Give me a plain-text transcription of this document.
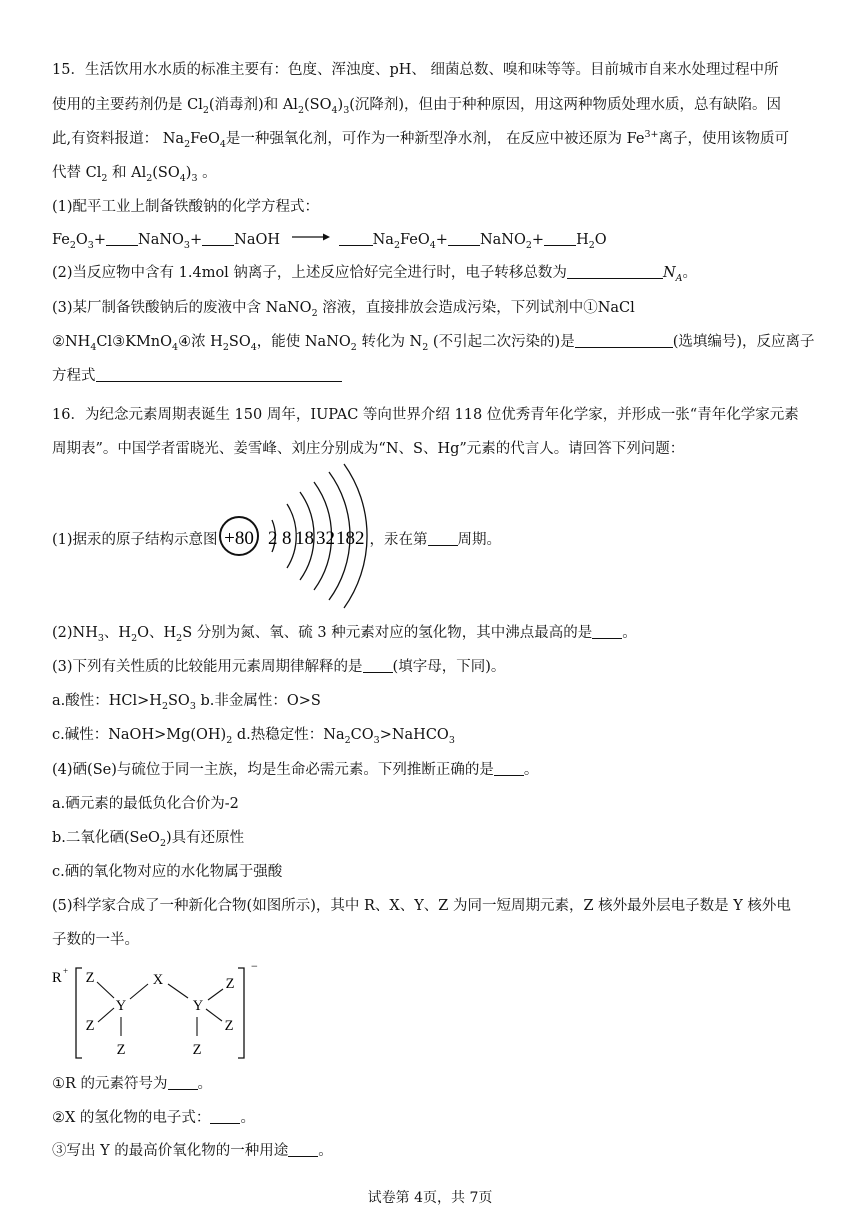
15．生活饮用水水质的标准主要有：色度、浑浊度、pH、 细菌总数、嗅和味等等。目前城市自来水处理过程中所
使用的主要药剂仍是 $Cl_2$(消毒剂)和 $Al_2(SO_4)_3$(沉降剂)，但由于种种原因，用这两种物质处理水质，总有缺陷。因
此,有资料报道： $Na_2FeO_4$是一种强氧化剂，可作为一种新型净水剂， 在反应中被还原为 $Fe^{3+}$离子，使用该物质可
代替 $Cl_2$ 和 $Al_2(SO_4)_3$ 。
(1)配平工业上制备铁酸钠的化学方程式：
$Fe_2O_3+$ NaNO$_3$+ NaOH →	$Na_2FeO_4+$ NaNO$_2$+ $H_2O$
(2)当反应物中含有 1.4mol 钠离子，上述反应恰好完全进行时，电子转移总数为	$N_A$。
(3)某厂制备铁酸钠后的废液中含 NaNO$_2$ 溶液，直接排放会造成污染，下列试剂中①NaCl
$②NH_4Cl③KMnO_4④$浓 $H_2SO_4$，能使 NaNO$_2$ 转化为 $N_2$ (不引起二次污染的)是	(选填编号)，反应离子
方程式
16．为纪念元素周期表诞生 150 周年，IUPAC 等向世界介绍 118 位优秀青年化学家，并形成一张“青年化学家元素
周期表”。中国学者雷晓光、姜雪峰、刘庄分别成为“N、S、Hg”元素的代言人。请回答下列问题：
(1)据汞的原子结构示意图	，汞在第 周期。
+80 2 8 18 32 18 2
$(2)NH_3$、$H_2O$、$H_2S$ 分别为氮、氧、硫 3 种元素对应的氢化物，其中沸点最高的是 。
(3)下列有关性质的比较能用元素周期律解释的是 (填字母，下同)。
a.酸性：$HCl>H_2SO_3$ b.非金属性：O>S
c.碱性：$NaOH>Mg(OH)_2$ d.热稳定性：$Na_2CO_3>NaHCO_3$
(4)硒(Se)与硫位于同一主族，均是生命必需元素。下列推断正确的是 。
a.硒元素的最低负化合价为-2
b.二氧化硒(SeO$_2$)具有还原性
c.硒的氧化物对应的水化物属于强酸
(5)科学家合成了一种新化合物(如图所示)，其中 R、X、Y、Z 为同一短周期元素，Z 核外最外层电子数是 Y 核外电
子数的一半。
R +	−
Z	X	Z
Y	Y
Z	Z
Z	Z
①R 的元素符号为 。
②X 的氢化物的电子式： 。
③写出 Y 的最高价氧化物的一种用途 。
试卷第 4页，共 7页
